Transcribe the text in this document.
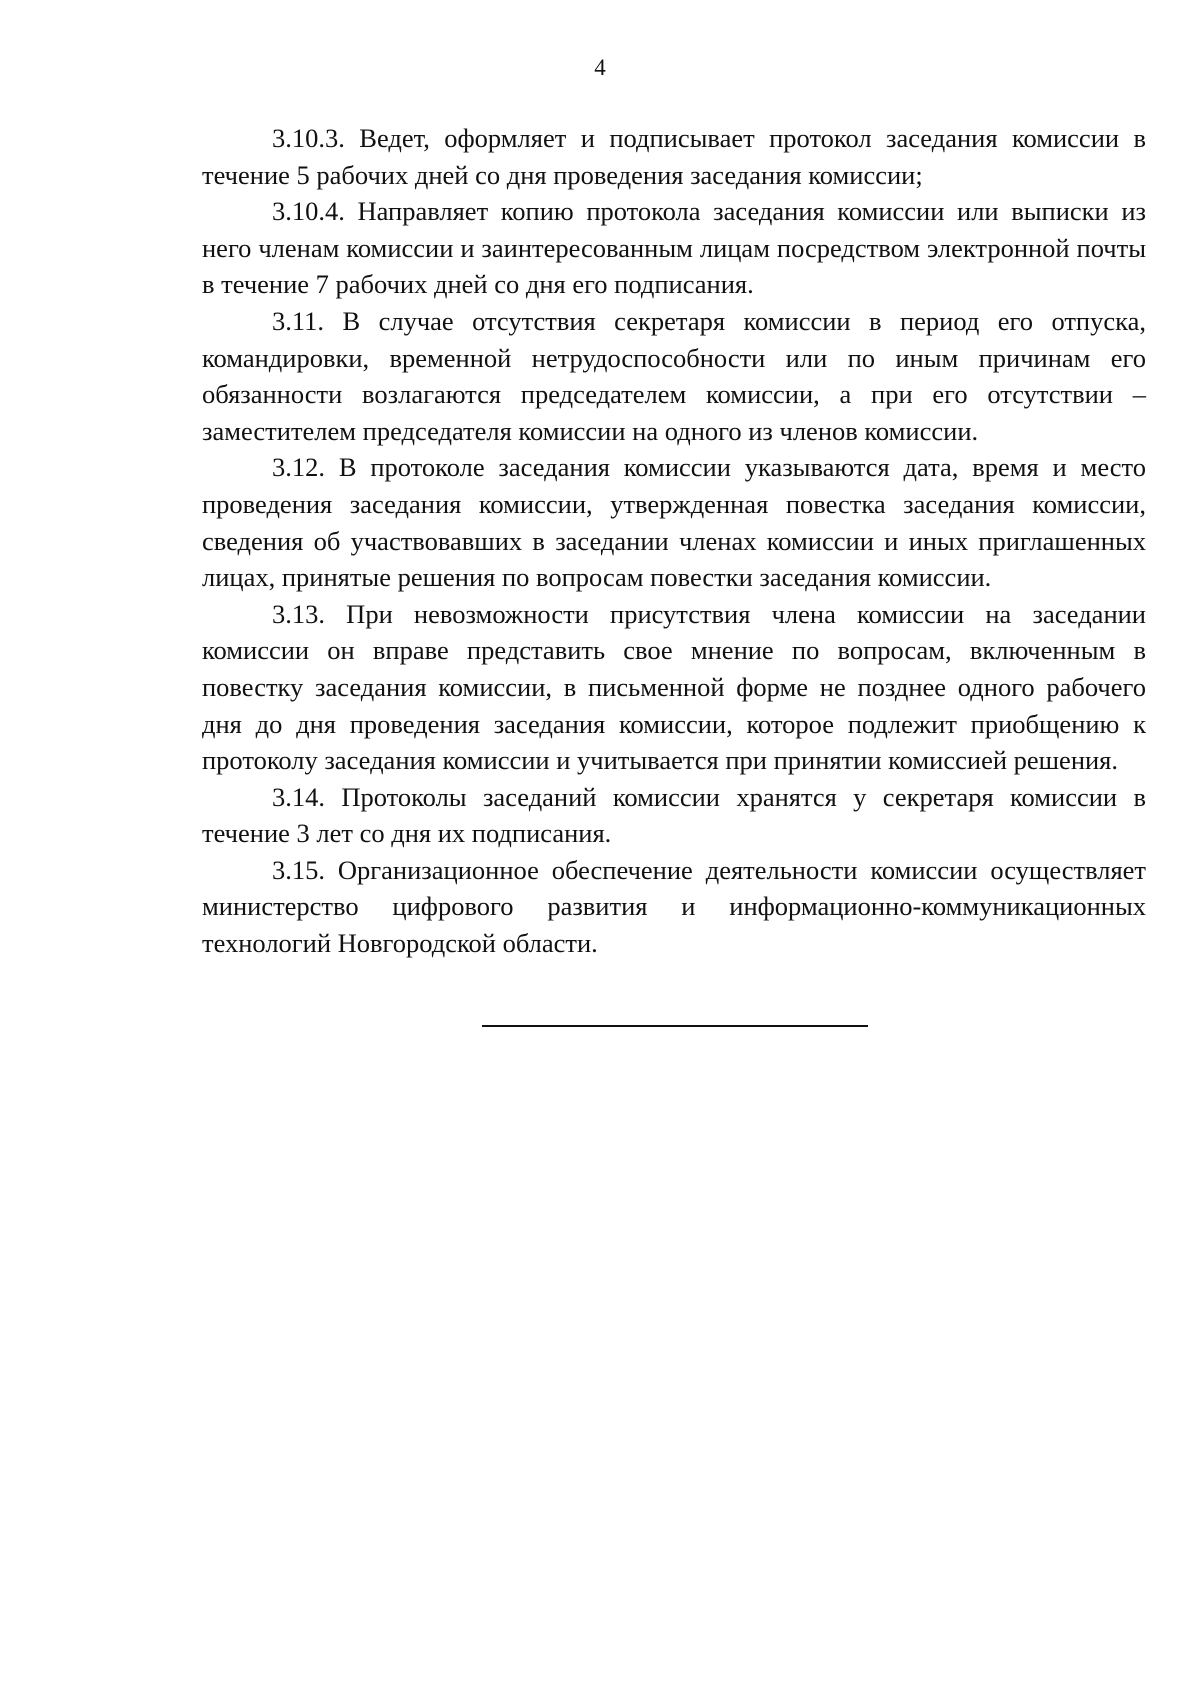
4

3.10.3. Ведет, оформляет и подписывает протокол заседания комиссии в течение 5 рабочих дней со дня проведения заседания комиссии;

3.10.4. Направляет копию протокола заседания комиссии или выписки из него членам комиссии и заинтересованным лицам посредством электронной почты в течение 7 рабочих дней со дня его подписания.

3.11. В случае отсутствия секретаря комиссии в период его отпуска, командировки, временной нетрудоспособности или по иным причинам его обязанности возлагаются председателем комиссии, а при его отсутствии – заместителем председателя комиссии на одного из членов комиссии.

3.12. В протоколе заседания комиссии указываются дата, время и место проведения заседания комиссии, утвержденная повестка заседания комиссии, сведения об участвовавших в заседании членах комиссии и иных приглашенных лицах, принятые решения по вопросам повестки заседания комиссии.

3.13. При невозможности присутствия члена комиссии на заседании комиссии он вправе представить свое мнение по вопросам, включенным в повестку заседания комиссии, в письменной форме не позднее одного рабочего дня до дня проведения заседания комиссии, которое подлежит приобщению к протоколу заседания комиссии и учитывается при принятии комиссией решения.

3.14. Протоколы заседаний комиссии хранятся у секретаря комиссии в течение 3 лет со дня их подписания.

3.15. Организационное обеспечение деятельности комиссии осуществляет министерство цифрового развития и информационно-коммуникационных технологий Новгородской области.
